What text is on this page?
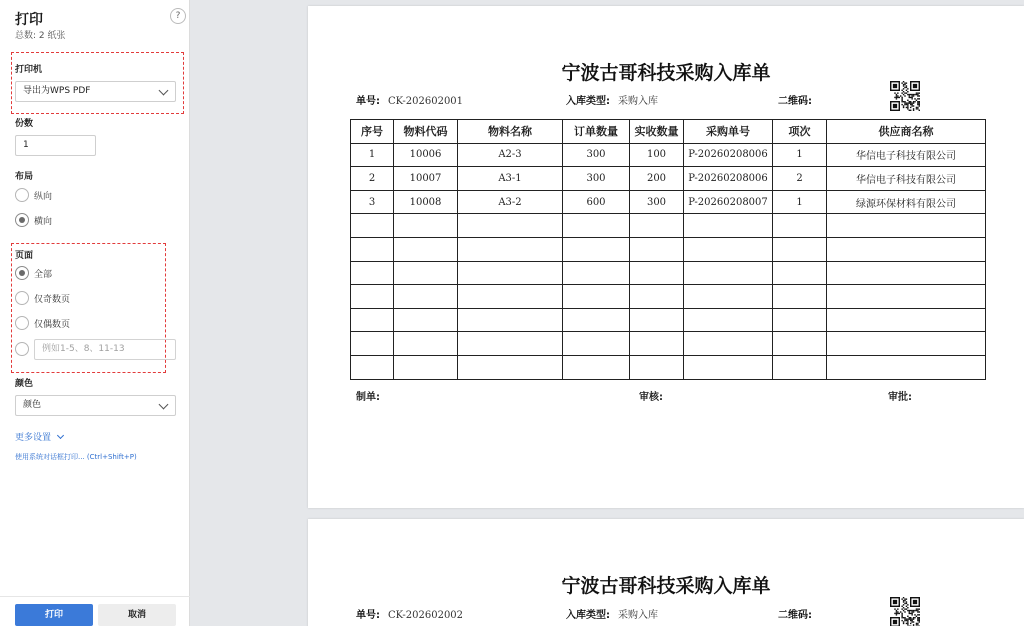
打印
总数: 2 纸张
?
打印机
导出为WPS PDF
份数
1
布局
纵向
横向
页面
全部
仅奇数页
仅偶数页
例如1-5、8、11-13
颜色
颜色
更多设置
使用系统对话框打印... (Ctrl+Shift+P)
打印	取消
宁波古哥科技采购入库单
单号: CK-202602001	入库类型: 采购入库	二维码:
序号	物料代码	物料名称	订单数量	实收数量	采购单号	项次	供应商名称
1	10006	A2-3	300	100	P-20260208006	1	华信电子科技有限公司
2	10007	A3-1	300	200	P-20260208006	2	华信电子科技有限公司
3	10008	A3-2	600	300	P-20260208007	1	绿源环保材料有限公司

制单:	审核:	审批:
宁波古哥科技采购入库单
单号: CK-202602002	入库类型: 采购入库	二维码:
